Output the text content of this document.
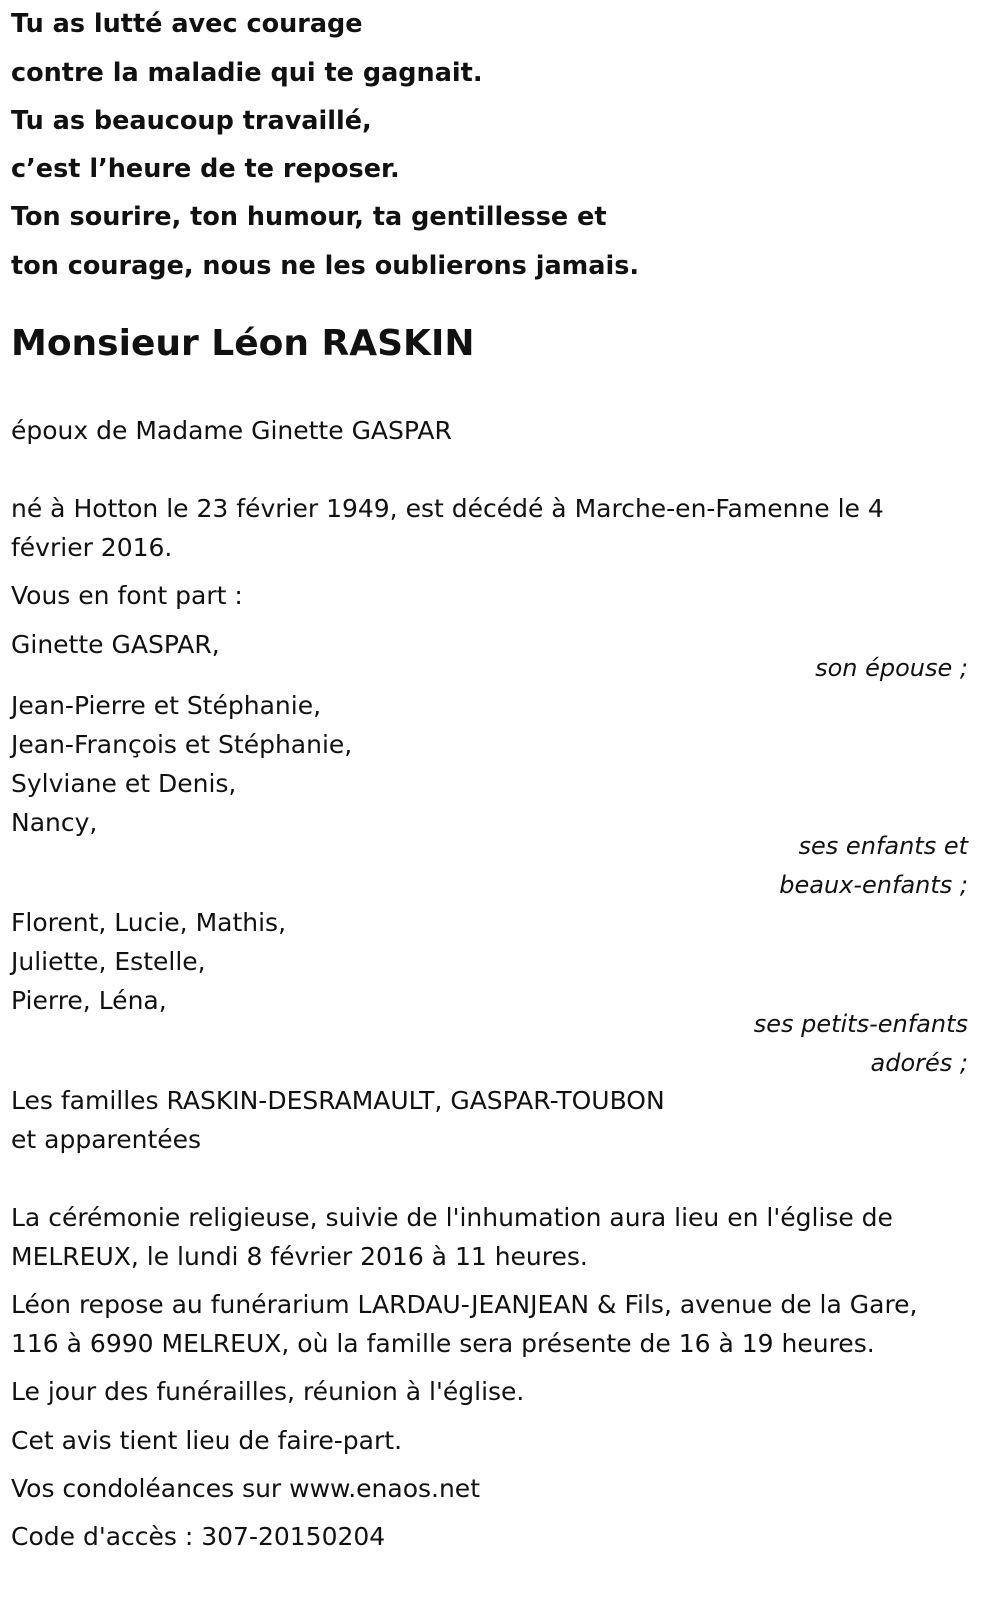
Tu as lutté avec courage

contre la maladie qui te gagnait.

Tu as beaucoup travaillé,

c’est l’heure de te reposer.

Ton sourire, ton humour, ta gentillesse et

ton courage, nous ne les oublierons jamais.

Monsieur Léon RASKIN

époux de Madame Ginette GASPAR

né à Hotton le 23 février 1949, est décédé à Marche-en-Famenne le 4

février 2016.

Vous en font part :

Ginette GASPAR,

son épouse ;

Jean-Pierre et Stéphanie,

Jean-François et Stéphanie,

Sylviane et Denis,

Nancy,

ses enfants et

beaux-enfants ;

Florent, Lucie, Mathis,

Juliette, Estelle,

Pierre, Léna,

ses petits-enfants

adorés ;

Les familles RASKIN-DESRAMAULT, GASPAR-TOUBON

et apparentées

La cérémonie religieuse, suivie de l'inhumation aura lieu en l'église de

MELREUX, le lundi 8 février 2016 à 11 heures.

Léon repose au funérarium LARDAU-JEANJEAN & Fils, avenue de la Gare,

116 à 6990 MELREUX, où la famille sera présente de 16 à 19 heures.

Le jour des funérailles, réunion à l'église.

Cet avis tient lieu de faire-part.

Vos condoléances sur www.enaos.net

Code d'accès : 307-20150204
